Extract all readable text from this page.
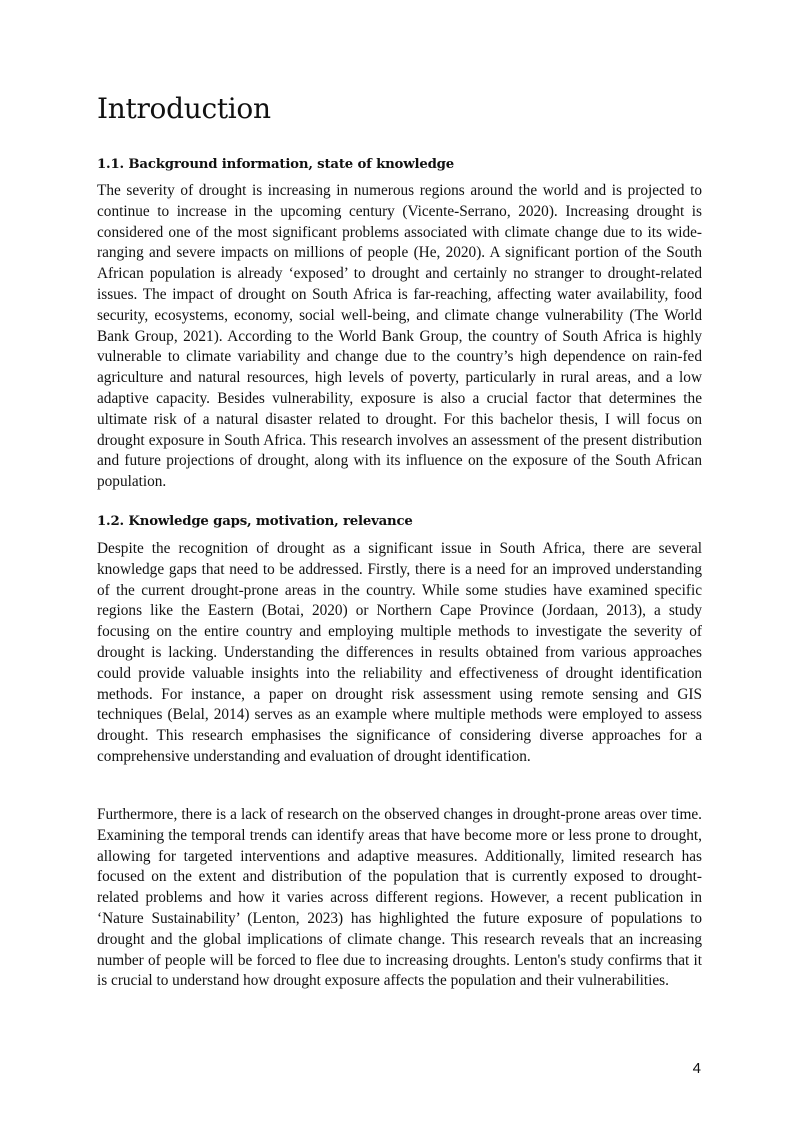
Introduction
1.1. Background information, state of knowledge

The severity of drought is increasing in numerous regions around the world and is projected to continue to increase in the upcoming century (Vicente-Serrano, 2020). Increasing drought is considered one of the most significant problems associated with climate change due to its wide-ranging and severe impacts on millions of people (He, 2020). A significant portion of the South African population is already ‘exposed’ to drought and certainly no stranger to drought-related issues. The impact of drought on South Africa is far-reaching, affecting water availability, food security, ecosystems, economy, social well-being, and climate change vulnerability (The World Bank Group, 2021). According to the World Bank Group, the country of South Africa is highly vulnerable to climate variability and change due to the country’s high dependence on rain-fed agriculture and natural resources, high levels of poverty, particularly in rural areas, and a low adaptive capacity. Besides vulnerability, exposure is also a crucial factor that determines the ultimate risk of a natural disaster related to drought. For this bachelor thesis, I will focus on drought exposure in South Africa. This research involves an assessment of the present distribution and future projections of drought, along with its influence on the exposure of the South African population.

1.2. Knowledge gaps, motivation, relevance

Despite the recognition of drought as a significant issue in South Africa, there are several knowledge gaps that need to be addressed. Firstly, there is a need for an improved understanding of the current drought-prone areas in the country. While some studies have examined specific regions like the Eastern (Botai, 2020) or Northern Cape Province (Jordaan, 2013), a study focusing on the entire country and employing multiple methods to investigate the severity of drought is lacking. Understanding the differences in results obtained from various approaches could provide valuable insights into the reliability and effectiveness of drought identification methods. For instance, a paper on drought risk assessment using remote sensing and GIS techniques (Belal, 2014) serves as an example where multiple methods were employed to assess drought. This research emphasises the significance of considering diverse approaches for a comprehensive understanding and evaluation of drought identification.

Furthermore, there is a lack of research on the observed changes in drought-prone areas over time. Examining the temporal trends can identify areas that have become more or less prone to drought, allowing for targeted interventions and adaptive measures. Additionally, limited research has focused on the extent and distribution of the population that is currently exposed to drought-related problems and how it varies across different regions. However, a recent publication in ‘Nature Sustainability’ (Lenton, 2023) has highlighted the future exposure of populations to drought and the global implications of climate change. This research reveals that an increasing number of people will be forced to flee due to increasing droughts. Lenton's study confirms that it is crucial to understand how drought exposure affects the population and their vulnerabilities.

4
